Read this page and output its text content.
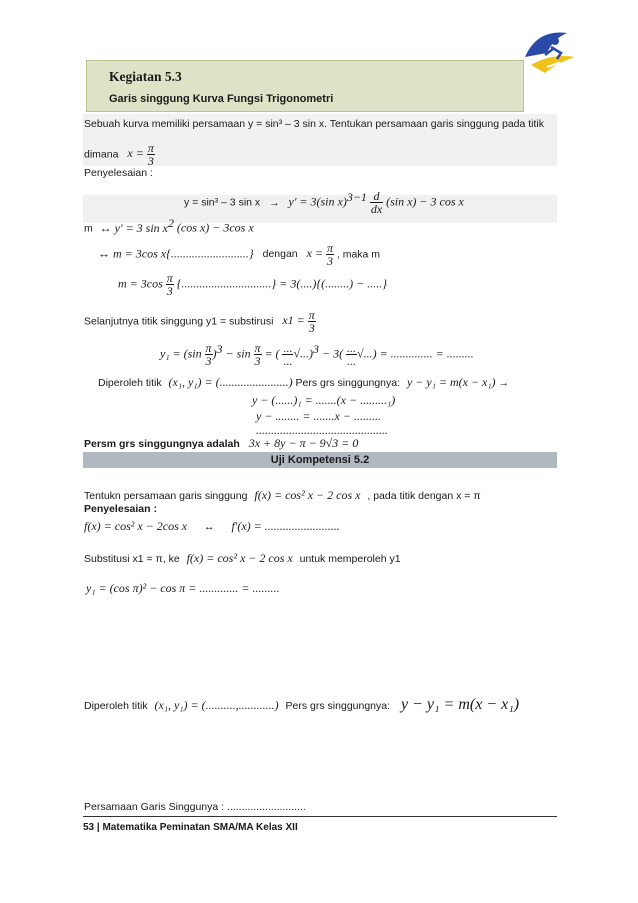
Kegiatan 5.3
Garis singgung Kurva Fungsi Trigonometri
Sebuah kurva memiliki persamaan y = sin³ – 3 sin x. Tentukan persamaan garis singgung pada titik
dimana $x = \frac{\pi}{3}$
Penyelesaian :
y = sin³ – 3 sin x → y' = 3(sin $x)^{3-1} \frac{d}{dx} (\sin$ x) − 3 cos x
m ↔ y' = 3 $\sin x^2$ (cos x) − 3cos x
↔ m = 3cos x{..........................} dengan $x = \frac{\pi}{3}$ , maka m
$m = 3\cos \frac{\pi}{3}$ {..............................} = 3(....){(........) − .....}
Selanjutnya titik singgung y1 = substirusi $x1 = \frac{\pi}{3}$
$y_1 = (\sin \frac{\pi}{3} )^3 - \sin \frac{\pi}{3}$ = ( $\frac{...}{...} √...)^3 - 3( \frac{...}{...}$ √...) = .............. = .........
Diperoleh titik (x₁, y₁) = (.......................) Pers grs singgungnya: y − y₁ = m(x − x₁) →
y − (......)₁ = .......(x − .........₁)
y − ........ = .......x − .........
............................................
Persm grs singgungnya adalah 3x + 8y − π − 9√3 = 0
Uji Kompetensi 5.2
Tentukn persamaan garis singgung f(x) = cos² x − 2 cos x , pada titik dengan x = π
Penyelesaian :
f(x) = cos² x − 2cos x ↔ f'(x) = .........................
Substitusi x1 = π, ke f(x) = cos² x − 2 cos x untuk memperoleh y1
y₁ = (cos π)² − cos π = ............. = .........
Diperoleh titik (x₁, y₁) = (..........,............) Pers grs singgungnya: y − y₁ = m(x − x₁)
Persamaan Garis Singgunya : ...........................
53 | Matematika Peminatan SMA/MA Kelas XII
